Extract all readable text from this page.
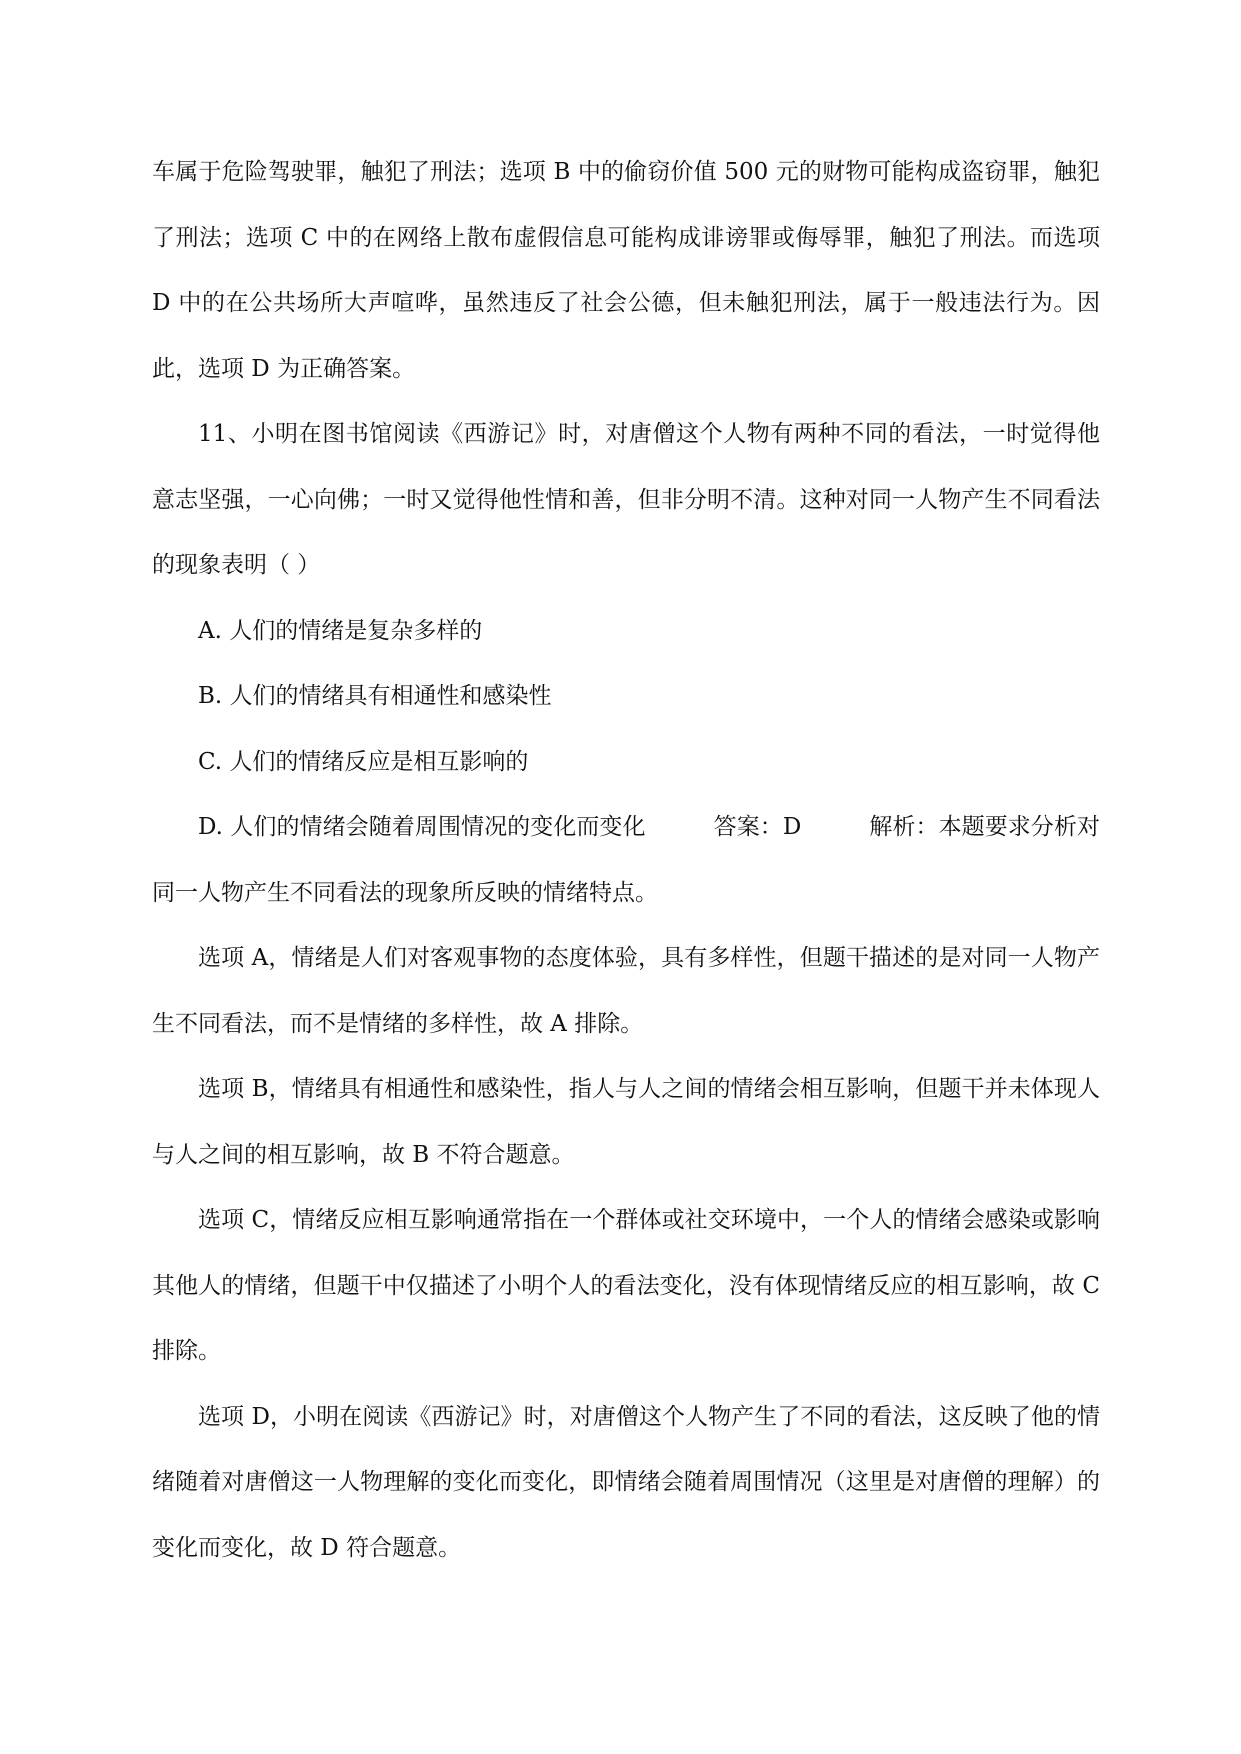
车属于危险驾驶罪，触犯了刑法；选项 B 中的偷窃价值 500 元的财物可能构成盗窃罪，触犯了刑法；选项 C 中的在网络上散布虚假信息可能构成诽谤罪或侮辱罪，触犯了刑法。而选项 D 中的在公共场所大声喧哗，虽然违反了社会公德，但未触犯刑法，属于一般违法行为。因此，选项 D 为正确答案。

11、小明在图书馆阅读《西游记》时，对唐僧这个人物有两种不同的看法，一时觉得他意志坚强，一心向佛；一时又觉得他性情和善，但非分明不清。这种对同一人物产生不同看法的现象表明（ ）

A. 人们的情绪是复杂多样的

B. 人们的情绪具有相通性和感染性

C. 人们的情绪反应是相互影响的

D. 人们的情绪会随着周围情况的变化而变化	答案：D	解析：本题要求分析对同一人物产生不同看法的现象所反映的情绪特点。

选项 A，情绪是人们对客观事物的态度体验，具有多样性，但题干描述的是对同一人物产生不同看法，而不是情绪的多样性，故 A 排除。

选项 B，情绪具有相通性和感染性，指人与人之间的情绪会相互影响，但题干并未体现人与人之间的相互影响，故 B 不符合题意。

选项 C，情绪反应相互影响通常指在一个群体或社交环境中，一个人的情绪会感染或影响其他人的情绪，但题干中仅描述了小明个人的看法变化，没有体现情绪反应的相互影响，故 C 排除。

选项 D，小明在阅读《西游记》时，对唐僧这个人物产生了不同的看法，这反映了他的情绪随着对唐僧这一人物理解的变化而变化，即情绪会随着周围情况（这里是对唐僧的理解）的变化而变化，故 D 符合题意。
